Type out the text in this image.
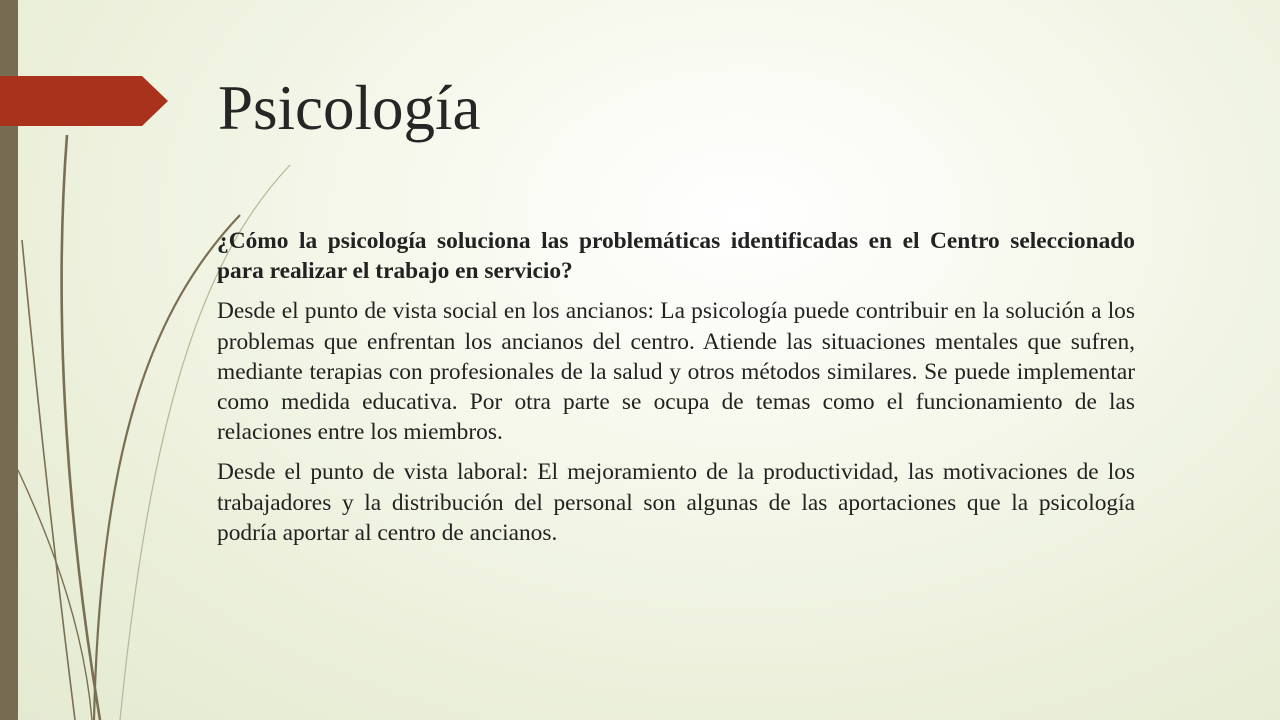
Psicología

¿Cómo la psicología soluciona las problemáticas identificadas en el Centro seleccionado para realizar el trabajo en servicio?

Desde el punto de vista social en los ancianos: La psicología puede contribuir en la solución a los problemas que enfrentan los ancianos del centro. Atiende las situaciones mentales que sufren, mediante terapias con profesionales de la salud y otros métodos similares. Se puede implementar como medida educativa. Por otra parte se ocupa de temas como el funcionamiento de las relaciones entre los miembros.

Desde el punto de vista laboral: El mejoramiento de la productividad, las motivaciones de los trabajadores y la distribución del personal son algunas de las aportaciones que la psicología podría aportar al centro de ancianos.
